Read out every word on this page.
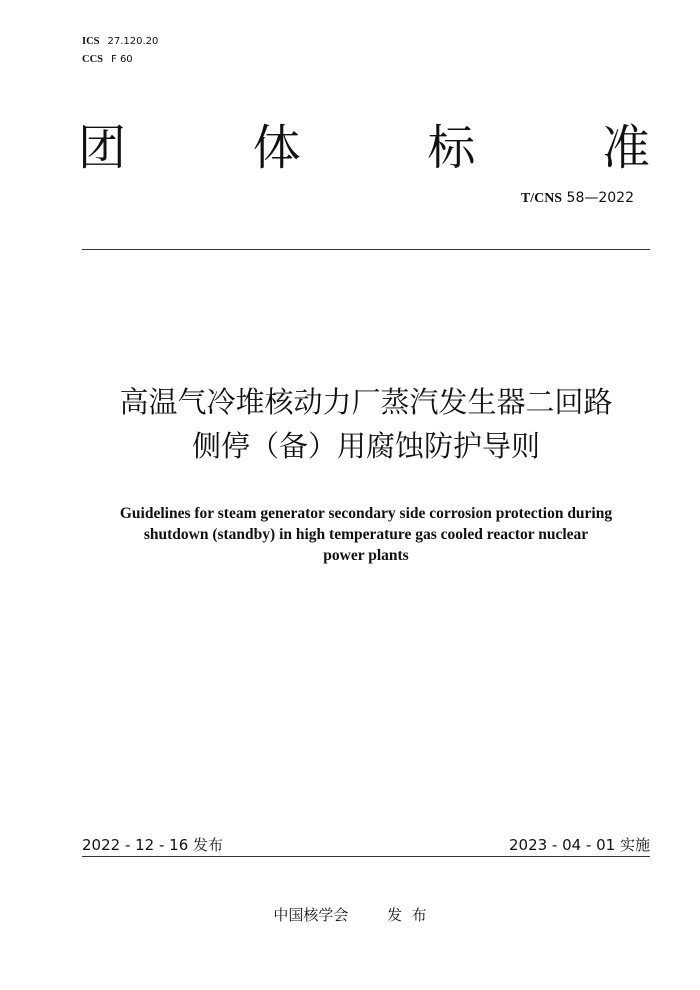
ICS 27.120.20
CCS F 60
团	体	标	准
T/CNS 58—2022
高温气冷堆核动力厂蒸汽发生器二回路
侧停（备）用腐蚀防护导则
Guidelines for steam generator secondary side corrosion protection during
shutdown (standby) in high temperature gas cooled reactor nuclear
power plants
2022 - 12 - 16 发布	2023 - 04 - 01 实施
中国核学会	发  布
